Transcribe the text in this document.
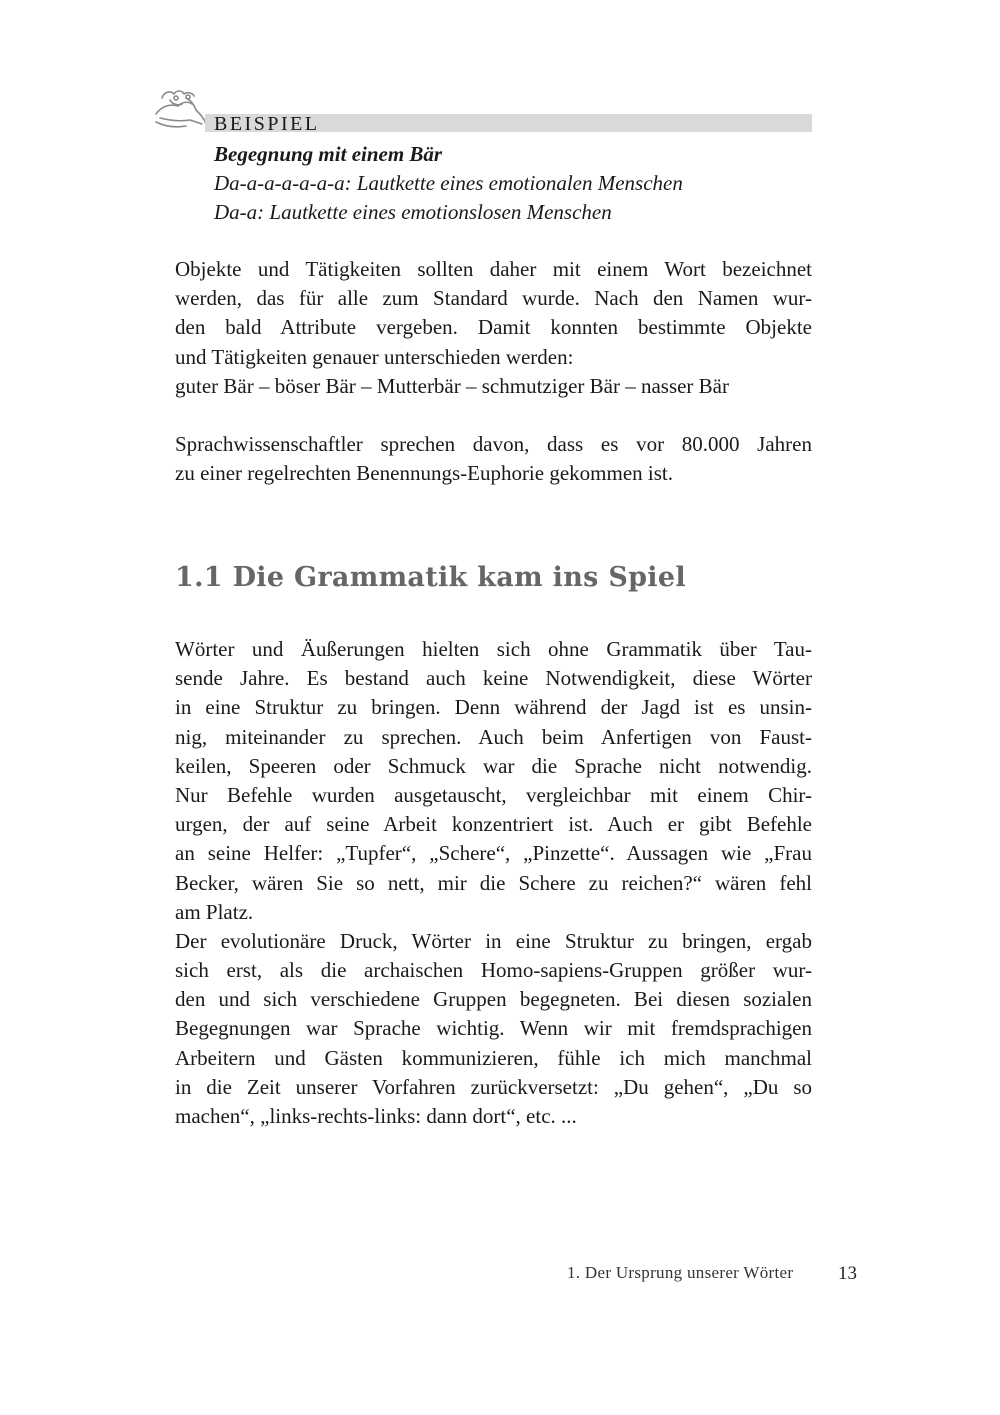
BEISPIEL
Begegnung mit einem Bär
Da-a-a-a-a-a-a: Lautkette eines emotionalen Menschen
Da-a: Lautkette eines emotionslosen Menschen
Objekte und Tätigkeiten sollten daher mit einem Wort bezeichnet
werden, das für alle zum Standard wurde. Nach den Namen wur-
den bald Attribute vergeben. Damit konnten bestimmte Objekte
und Tätigkeiten genauer unterschieden werden:
guter Bär – böser Bär – Mutterbär – schmutziger Bär – nasser Bär
Sprachwissenschaftler sprechen davon, dass es vor 80.000 Jahren
zu einer regelrechten Benennungs-Euphorie gekommen ist.
1.1 Die Grammatik kam ins Spiel
Wörter und Äußerungen hielten sich ohne Grammatik über Tau-
sende Jahre. Es bestand auch keine Notwendigkeit, diese Wörter
in eine Struktur zu bringen. Denn während der Jagd ist es unsin-
nig, miteinander zu sprechen. Auch beim Anfertigen von Faust-
keilen, Speeren oder Schmuck war die Sprache nicht notwendig.
Nur Befehle wurden ausgetauscht, vergleichbar mit einem Chir-
urgen, der auf seine Arbeit konzentriert ist. Auch er gibt Befehle
an seine Helfer: „Tupfer“, „Schere“, „Pinzette“. Aussagen wie „Frau
Becker, wären Sie so nett, mir die Schere zu reichen?“ wären fehl
am Platz.
Der evolutionäre Druck, Wörter in eine Struktur zu bringen, ergab
sich erst, als die archaischen Homo-sapiens-Gruppen größer wur-
den und sich verschiedene Gruppen begegneten. Bei diesen sozialen
Begegnungen war Sprache wichtig. Wenn wir mit fremdsprachigen
Arbeitern und Gästen kommunizieren, fühle ich mich manchmal
in die Zeit unserer Vorfahren zurückversetzt: „Du gehen“, „Du so
machen“, „links-rechts-links: dann dort“, etc. ...
1. Der Ursprung unserer Wörter 13
